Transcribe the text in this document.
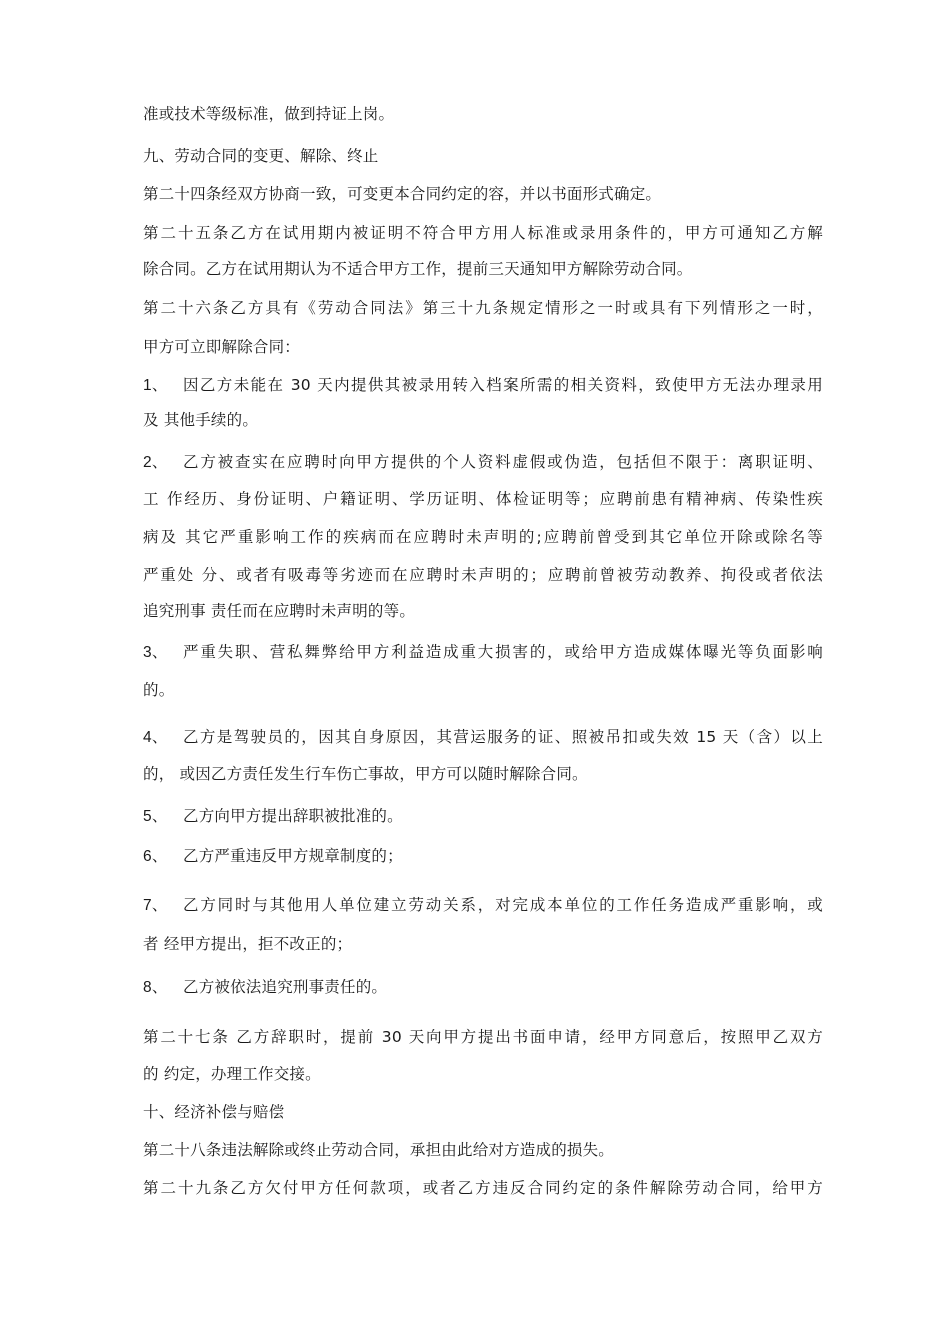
准或技术等级标准，做到持证上岗。
九、劳动合同的变更、解除、终止
第二十四条经双方协商一致，可变更本合同约定的容，并以书面形式确定。
第二十五条乙方在试用期内被证明不符合甲方用人标准或录用条件的，甲方可通知乙方解
除合同。乙方在试用期认为不适合甲方工作，提前三天通知甲方解除劳动合同。
第二十六条乙方具有《劳动合同法》第三十九条规定情形之一时或具有下列情形之一时，
甲方可立即解除合同：
1、 因乙方未能在 30 天内提供其被录用转入档案所需的相关资料，致使甲方无法办理录用
及 其他手续的。
2、 乙方被查实在应聘时向甲方提供的个人资料虚假或伪造，包括但不限于：离职证明、
工 作经历、身份证明、户籍证明、学历证明、体检证明等；应聘前患有精神病、传染性疾
病及 其它严重影响工作的疾病而在应聘时未声明的;应聘前曾受到其它单位开除或除名等
严重处 分、或者有吸毒等劣迹而在应聘时未声明的；应聘前曾被劳动教养、拘役或者依法
追究刑事 责任而在应聘时未声明的等。
3、 严重失职、营私舞弊给甲方利益造成重大损害的，或给甲方造成媒体曝光等负面影响
的。
4、 乙方是驾驶员的，因其自身原因，其营运服务的证、照被吊扣或失效 15 天（含）以上
的， 或因乙方责任发生行车伤亡事故，甲方可以随时解除合同。
5、 乙方向甲方提出辞职被批准的。
6、 乙方严重违反甲方规章制度的；
7、 乙方同时与其他用人单位建立劳动关系，对完成本单位的工作任务造成严重影响，或
者 经甲方提出，拒不改正的；
8、 乙方被依法追究刑事责任的。
第二十七条 乙方辞职时，提前 30 天向甲方提出书面申请，经甲方同意后，按照甲乙双方
的 约定，办理工作交接。
十、经济补偿与赔偿
第二十八条违法解除或终止劳动合同，承担由此给对方造成的损失。
第二十九条乙方欠付甲方任何款项，或者乙方违反合同约定的条件解除劳动合同，给甲方
